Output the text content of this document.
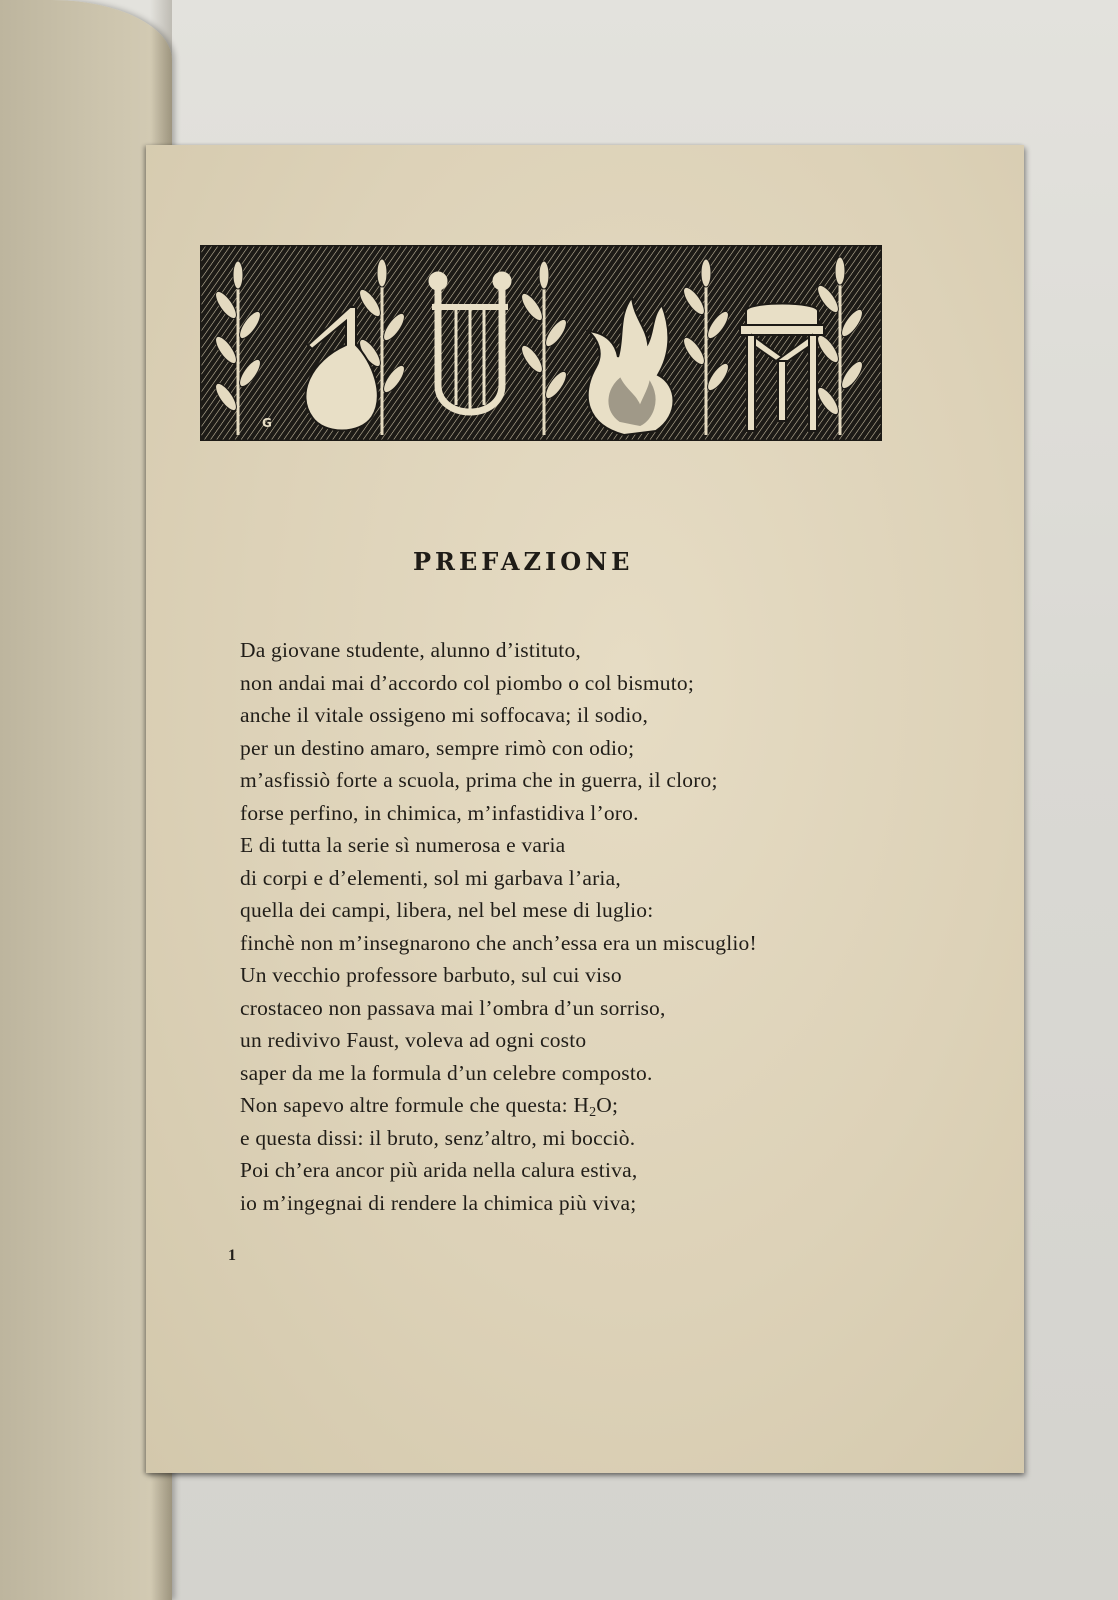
G
PREFAZIONE
Da giovane studente, alunno d’istituto,
non andai mai d’accordo col piombo o col bismuto;
anche il vitale ossigeno mi soffocava; il sodio,
per un destino amaro, sempre rimò con odio;
m’asfissiò forte a scuola, prima che in guerra, il cloro;
forse perfino, in chimica, m’infastidiva l’oro.
E di tutta la serie sì numerosa e varia
di corpi e d’elementi, sol mi garbava l’aria,
quella dei campi, libera, nel bel mese di luglio:
finchè non m’insegnarono che anch’essa era un miscuglio!
Un vecchio professore barbuto, sul cui viso
crostaceo non passava mai l’ombra d’un sorriso,
un redivivo Faust, voleva ad ogni costo
saper da me la formula d’un celebre composto.
Non sapevo altre formule che questa: $H_2O$;
e questa dissi: il bruto, senz’altro, mi bocciò.
Poi ch’era ancor più arida nella calura estiva,
io m’ingegnai di rendere la chimica più viva;
1
